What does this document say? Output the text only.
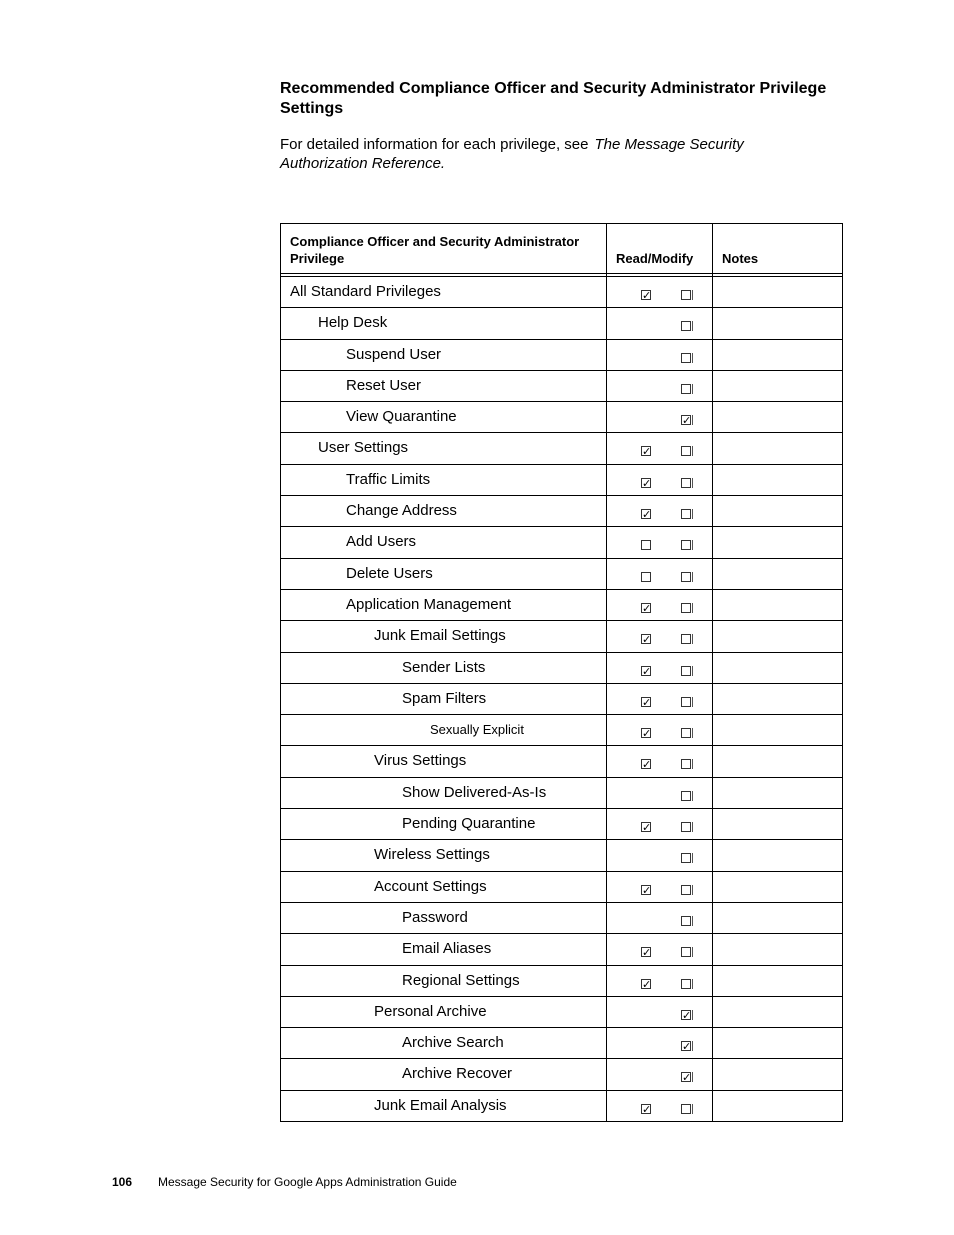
Recommended Compliance Officer and Security Administrator Privilege Settings
For detailed information for each privilege, see The Message Security Authorization Reference.
Compliance Officer and Security Administrator Privilege	Read/Modify	Notes

All Standard Privileges	✓	

Help Desk	

Suspend User	

Reset User	

View Quarantine	✓	

User Settings	✓	

Traffic Limits	✓	

Change Address	✓	

Add Users	

Delete Users	

Application Management	✓	

Junk Email Settings	✓	

Sender Lists	✓	

Spam Filters	✓	

Sexually Explicit	✓	

Virus Settings	✓	

Show Delivered-As-Is	

Pending Quarantine	✓	

Wireless Settings	

Account Settings	✓	

Password	

Email Aliases	✓	

Regional Settings	✓	

Personal Archive	✓	

Archive Search	✓	

Archive Recover	✓	

Junk Email Analysis	✓	

106 Message Security for Google Apps Administration Guide
